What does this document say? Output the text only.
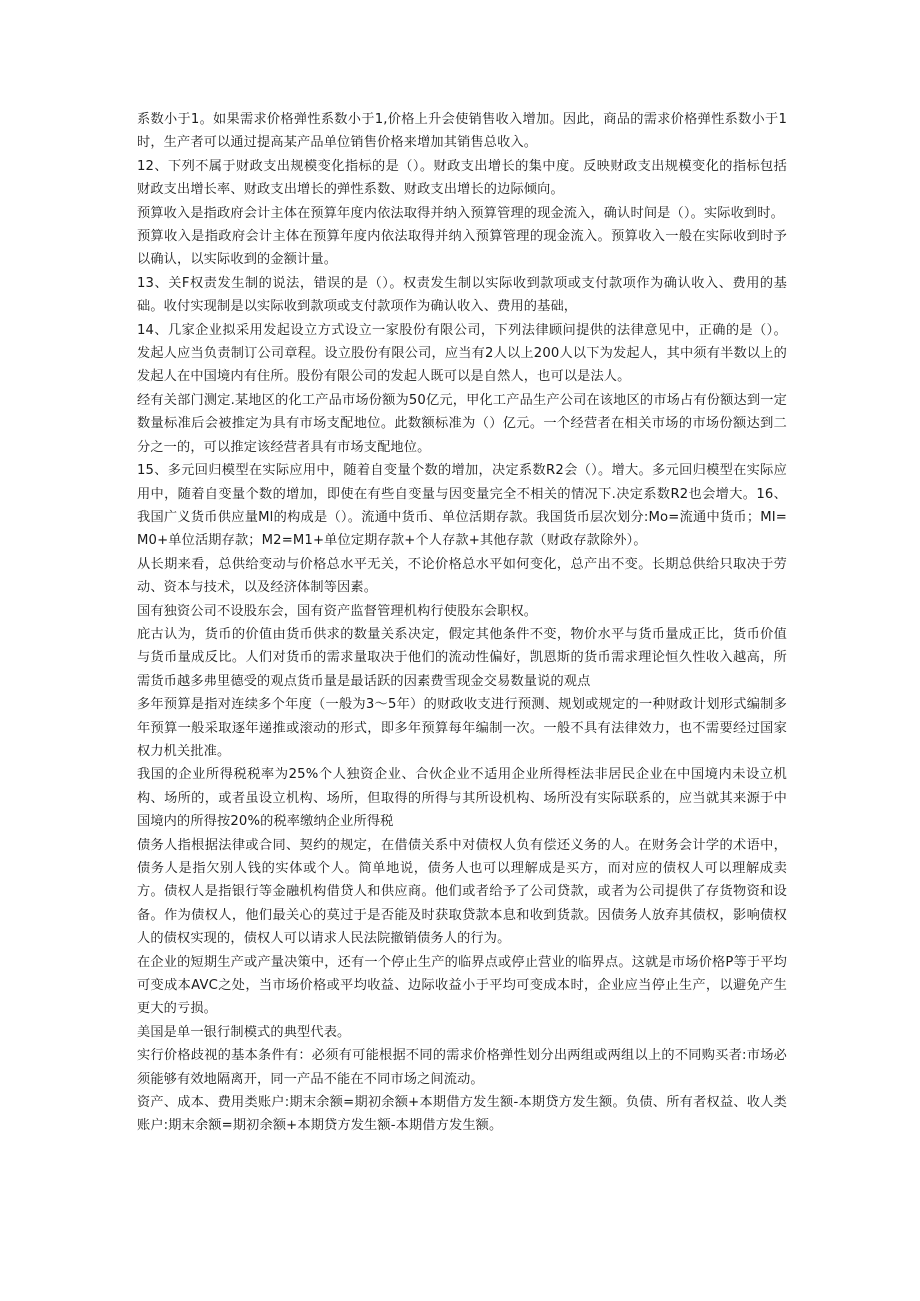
系数小于1。如果需求价格弹性系数小于1,价格上升会使销售收入增加。因此，商品的需求价格弹性系数小于1时，生产者可以通过提高某产品单位销售价格来增加其销售总收入。

12、下列不属于财政支出规模变化指标的是（）。财政支出增长的集中度。反映财政支出规模变化的指标包括财政支出增长率、财政支出增长的弹性系数、财政支出增长的边际倾向。

预算收入是指政府会计主体在预算年度内依法取得并纳入预算管理的现金流入，确认时间是（）。实际收到时。

预算收入是指政府会计主体在预算年度内依法取得并纳入预算管理的现金流入。预算收入一般在实际收到时予以确认，以实际收到的金额计量。

13、关F权责发生制的说法，错误的是（）。权责发生制以实际收到款项或支付款项作为确认收入、费用的基础。收付实现制是以实际收到款项或支付款项作为确认收入、费用的基础，

14、几家企业拟采用发起设立方式设立一家股份有限公司，下列法律顾问提供的法律意见中，正确的是（）。发起人应当负责制订公司章程。设立股份有限公司，应当有2人以上200人以下为发起人，其中须有半数以上的发起人在中国境内有住所。股份有限公司的发起人既可以是自然人，也可以是法人。

经有关部门测定.某地区的化工产品市场份额为50亿元，甲化工产品生产公司在该地区的市场占有份额达到一定数量标准后会被推定为具有市场支配地位。此数额标准为（）亿元。一个经营者在相关市场的市场份额达到二分之一的，可以推定该经营者具有市场支配地位。

15、多元回归模型在实际应用中，随着自变量个数的增加，决定系数R2会（）。增大。多元回归模型在实际应用中，随着自变量个数的增加，即使在有些自变量与因变量完全不相关的情况下.决定系数R2也会增大。16、我国广义货币供应量Ml的构成是（）。流通中货币、单位活期存款。我国货币层次划分:Mo=流通中货币；MI=M0+单位活期存款；M2=M1+单位定期存款+个人存款+其他存款（财政存款除外）。

从长期来看，总供给变动与价格总水平无关，不论价格总水平如何变化，总产出不变。长期总供给只取决于劳动、资本与技术，以及经济体制等因素。

国有独资公司不设股东会，国有资产监督管理机构行使股东会职权。

庇古认为，货币的价值由货币供求的数量关系决定，假定其他条件不变，物价水平与货币量成正比，货币价值与货币量成反比。人们对货币的需求量取决于他们的流动性偏好，凯恩斯的货币需求理论恒久性收入越高，所需货币越多弗里德受的观点货币量是最话跃的因素费雪现金交易数量说的观点

多年预算是指对连续多个年度（一般为3～5年）的财政收支进行预测、规划或规定的一种财政计划形式编制多年预算一般采取逐年递推或滚动的形式，即多年预算每年编制一次。一般不具有法律效力，也不需要经过国家权力机关批准。

我国的企业所得税税率为25%个人独资企业、合伙企业不适用企业所得桎法非居民企业在中国境内未设立机构、场所的，或者虽设立机构、场所，但取得的所得与其所设机构、场所没有实际联系的，应当就其来源于中国境内的所得按20%的税率缴纳企业所得税

债务人指根据法律或合同、契约的规定，在借债关系中对债权人负有偿还义务的人。在财务会计学的术语中，债务人是指欠别人钱的实体或个人。简单地说，债务人也可以理解成是买方，而对应的债权人可以理解成卖方。债权人是指银行等金融机构借贷人和供应商。他们或者给予了公司贷款，或者为公司提供了存货物资和设备。作为债权人，他们最关心的莫过于是否能及时获取贷款本息和收到货款。因债务人放弃其债权，影响债权人的债权实现的，债权人可以请求人民法院撤销债务人的行为。

在企业的短期生产或产量决策中，还有一个停止生产的临界点或停止营业的临界点。这就是市场价格P等于平均可变成本AVC之处，当市场价格或平均收益、边际收益小于平均可变成本时，企业应当停止生产，以避免产生更大的亏损。

美国是单一银行制模式的典型代表。

实行价格歧视的基本条件有：必须有可能根据不同的需求价格弹性划分出两组或两组以上的不同购买者:市场必须能够有效地隔离开，同一产品不能在不同市场之间流动。

资产、成本、费用类账户:期末余额=期初余额+本期借方发生额-本期贷方发生额。负债、所有者权益、收人类账户:期末余额=期初余额+本期贷方发生额-本期借方发生额。
